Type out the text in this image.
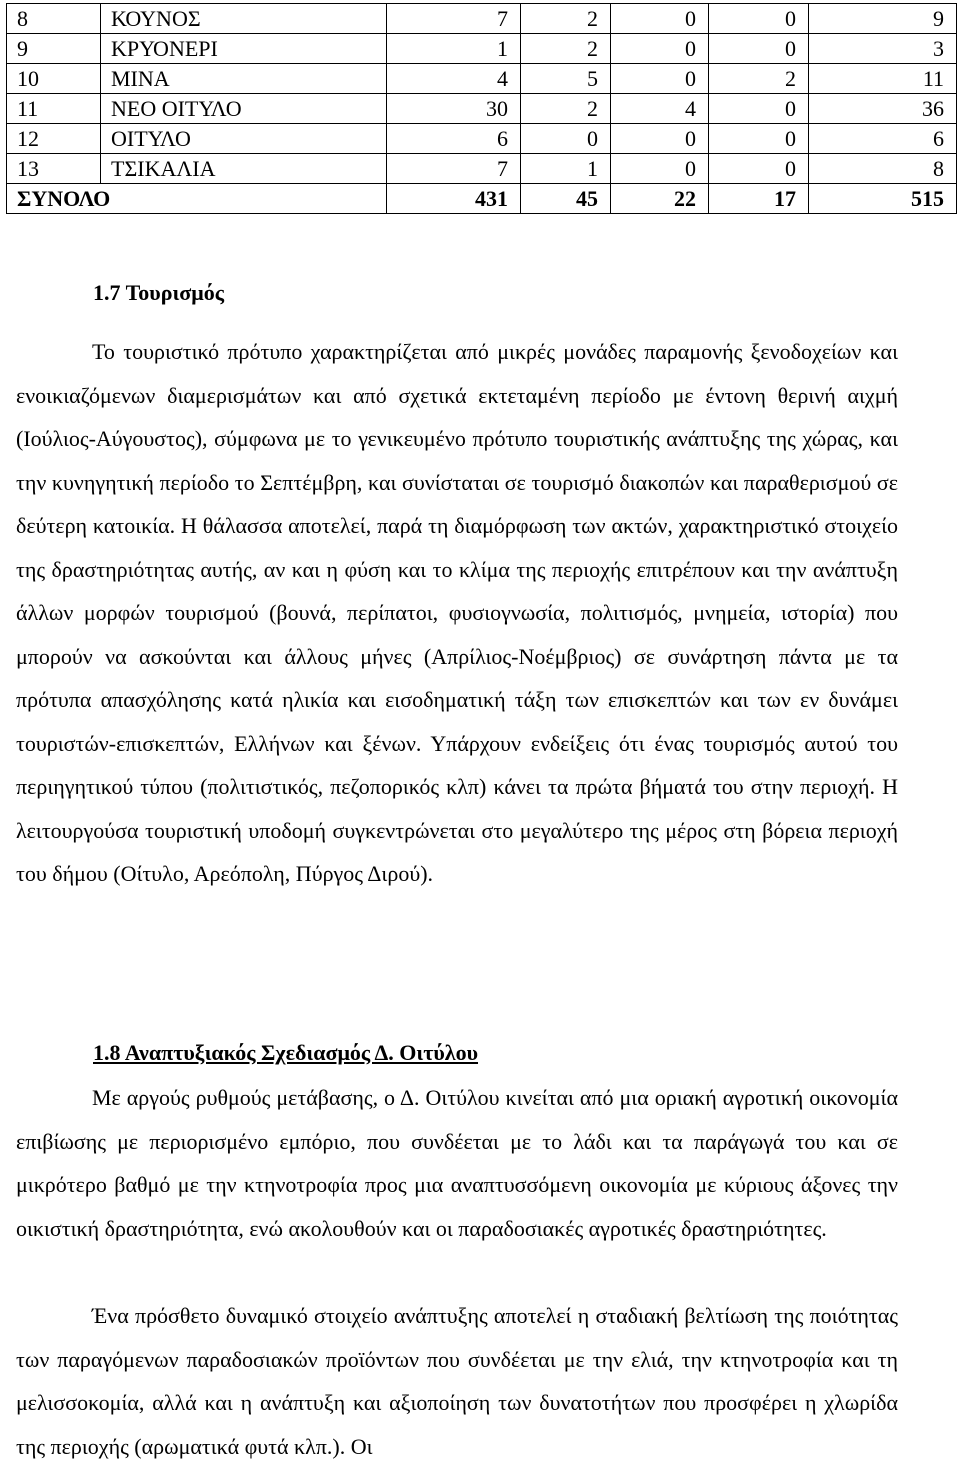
8	ΚΟΥΝΟΣ	7	2	0	0	9
9	ΚΡΥΟΝΕΡΙ	1	2	0	0	3
10	ΜΙΝΑ	4	5	0	2	11
11	ΝΕΟ ΟΙΤΥΛΟ	30	2	4	0	36
12	ΟΙΤΥΛΟ	6	0	0	0	6
13	ΤΣΙΚΑΛΙΑ	7	1	0	0	8
ΣΥΝΟΛΟ		431	45	22	17	515
1.7 Τουρισμός

Το τουριστικό πρότυπο χαρακτηρίζεται από μικρές μονάδες παραμονής ξενοδοχείων και ενοικιαζόμενων διαμερισμάτων και από σχετικά εκτεταμένη περίοδο με έντονη θερινή αιχμή (Ιούλιος-Αύγουστος), σύμφωνα με το γενικευμένο πρότυπο τουριστικής ανάπτυξης της χώρας, και την κυνηγητική περίοδο το Σεπτέμβρη, και συνίσταται σε τουρισμό διακοπών και παραθερισμού σε δεύτερη κατοικία. Η θάλασσα αποτελεί, παρά τη διαμόρφωση των ακτών, χαρακτηριστικό στοιχείο της δραστηριότητας αυτής, αν και η φύση και το κλίμα της περιοχής επιτρέπουν και την ανάπτυξη άλλων μορφών τουρισμού (βουνά, περίπατοι, φυσιογνωσία, πολιτισμός, μνημεία, ιστορία) που μπορούν να ασκούνται και άλλους μήνες (Απρίλιος-Νοέμβριος) σε συνάρτηση πάντα με τα πρότυπα απασχόλησης κατά ηλικία και εισοδηματική τάξη των επισκεπτών και των εν δυνάμει τουριστών-επισκεπτών, Ελλήνων και ξένων. Υπάρχουν ενδείξεις ότι ένας τουρισμός αυτού του περιηγητικού τύπου (πολιτιστικός, πεζοπορικός κλπ) κάνει τα πρώτα βήματά του στην περιοχή. Η λειτουργούσα τουριστική υποδομή συγκεντρώνεται στο μεγαλύτερο της μέρος στη βόρεια περιοχή του δήμου (Οίτυλο, Αρεόπολη, Πύργος Διρού).

1.8 Αναπτυξιακός Σχεδιασμός Δ. Οιτύλου

Με αργούς ρυθμούς μετάβασης, ο Δ. Οιτύλου κινείται από μια οριακή αγροτική οικονομία επιβίωσης με περιορισμένο εμπόριο, που συνδέεται με το λάδι και τα παράγωγά του και σε μικρότερο βαθμό με την κτηνοτροφία προς μια αναπτυσσόμενη οικονομία με κύριους άξονες την οικιστική δραστηριότητα, ενώ ακολουθούν και οι παραδοσιακές αγροτικές δραστηριότητες.

Ένα πρόσθετο δυναμικό στοιχείο ανάπτυξης αποτελεί η σταδιακή βελτίωση της ποιότητας των παραγόμενων παραδοσιακών προϊόντων που συνδέεται με την ελιά, την κτηνοτροφία και τη μελισσοκομία, αλλά και η ανάπτυξη και αξιοποίηση των δυνατοτήτων που προσφέρει η χλωρίδα της περιοχής (αρωματικά φυτά κλπ.). Οι
